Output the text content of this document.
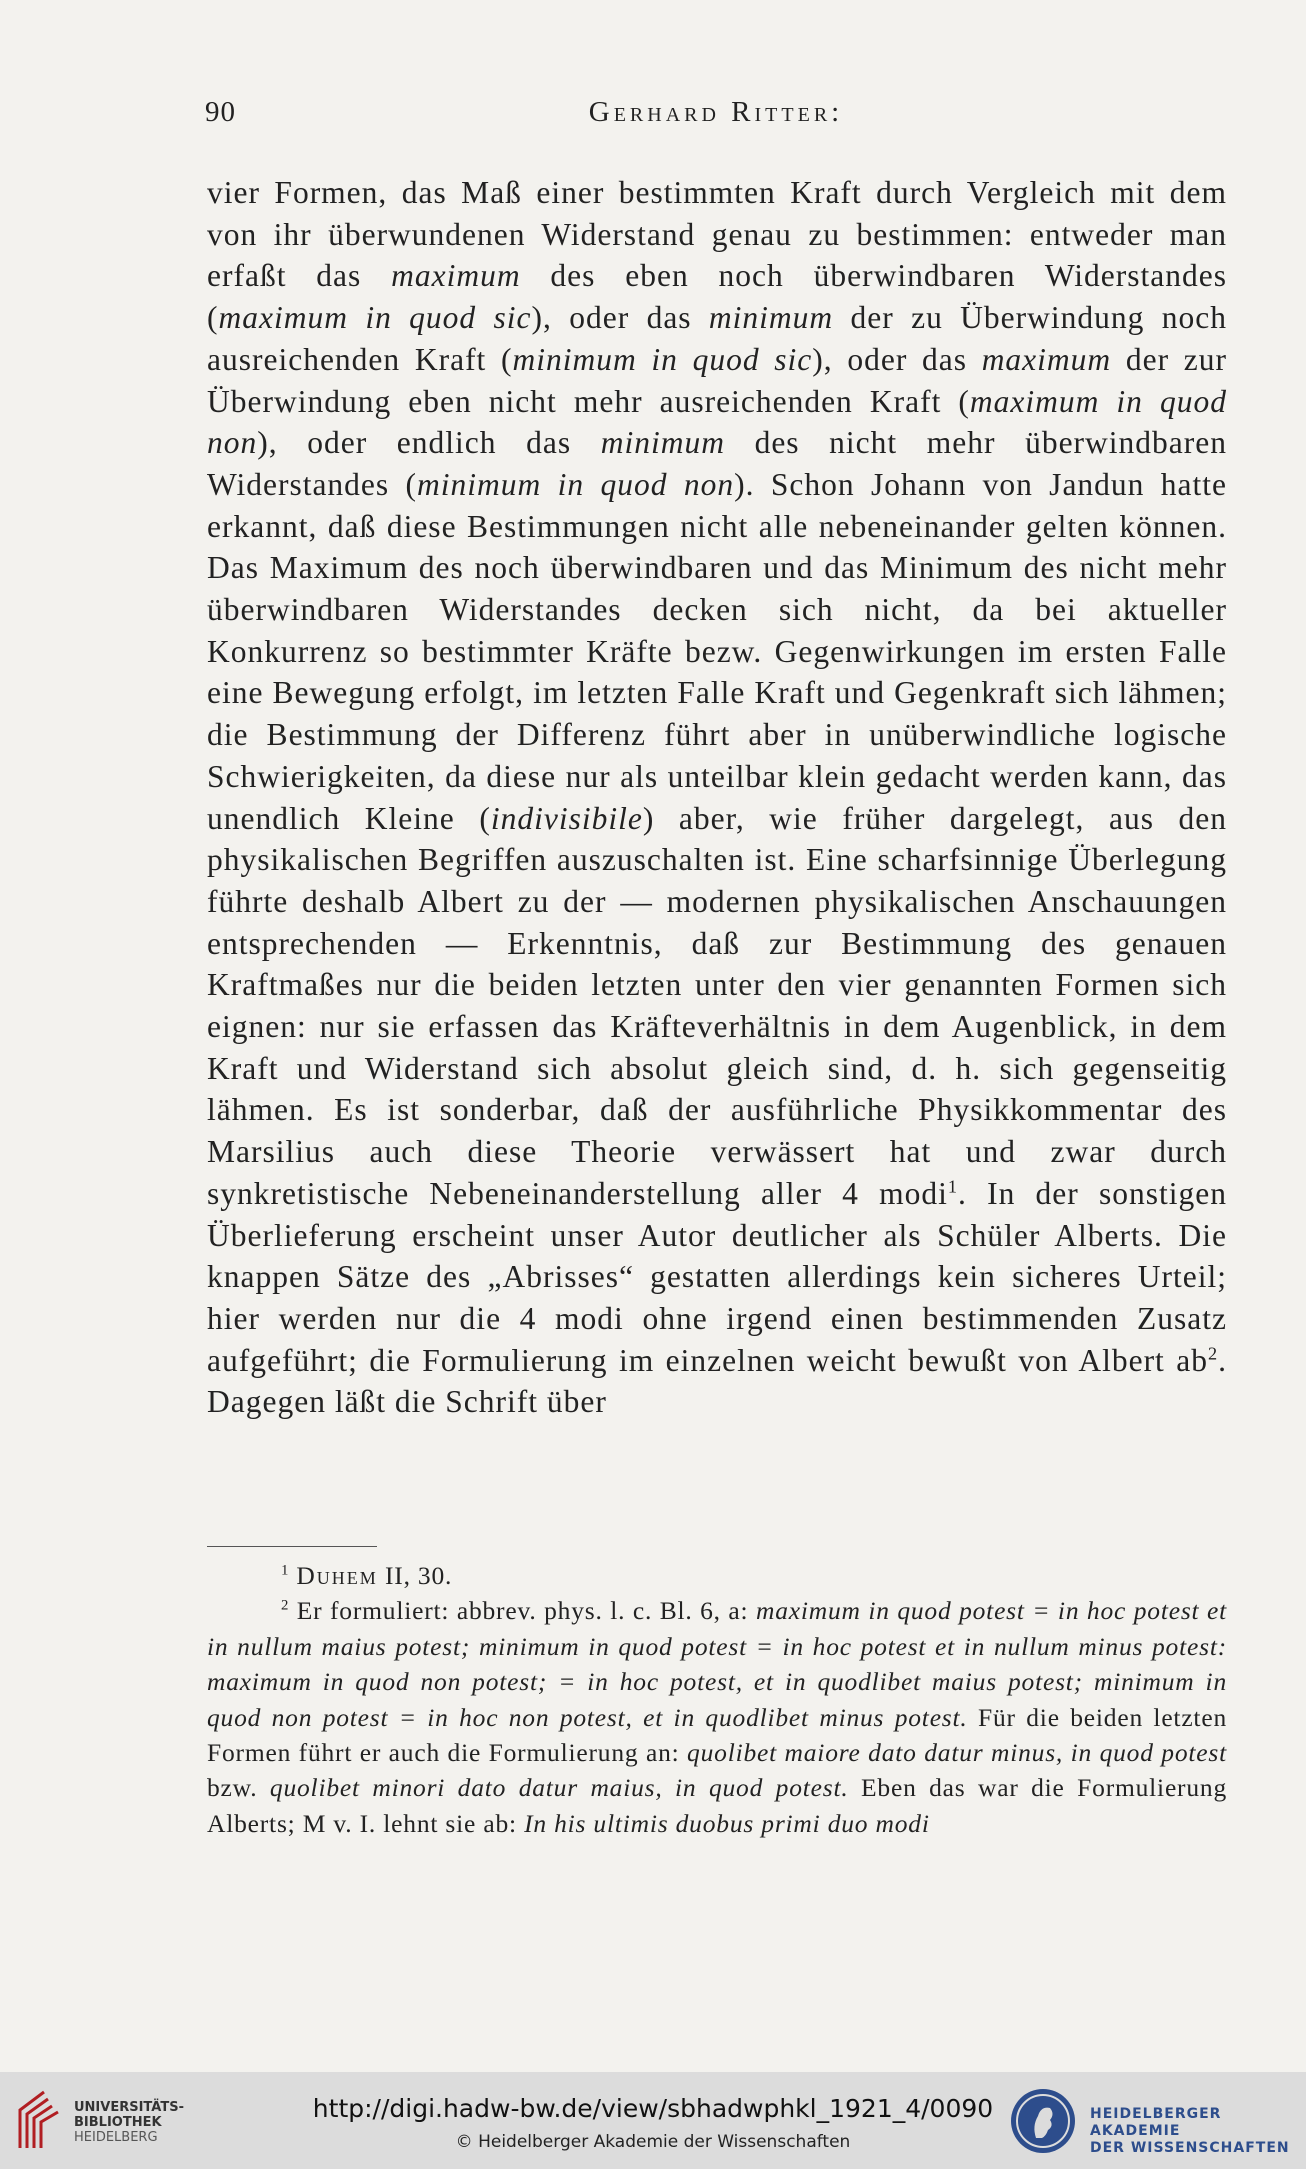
90	Gerhard Ritter:

vier Formen, das Maß einer bestimmten Kraft durch Vergleich mit dem von ihr überwundenen Widerstand genau zu bestimmen: entweder man erfaßt das maximum des eben noch überwindbaren Widerstandes (maximum in quod sic), oder das minimum der zu Überwindung noch ausreichenden Kraft (minimum in quod sic), oder das maximum der zur Überwindung eben nicht mehr ausreichenden Kraft (maximum in quod non), oder endlich das minimum des nicht mehr überwindbaren Widerstandes (minimum in quod non). Schon Johann von Jandun hatte erkannt, daß diese Bestimmungen nicht alle nebeneinander gelten können. Das Maximum des noch überwindbaren und das Minimum des nicht mehr überwindbaren Widerstandes decken sich nicht, da bei aktueller Konkurrenz so bestimmter Kräfte bezw. Gegenwirkungen im ersten Falle eine Bewegung erfolgt, im letzten Falle Kraft und Gegenkraft sich lähmen; die Bestimmung der Differenz führt aber in unüberwindliche logische Schwierigkeiten, da diese nur als unteilbar klein gedacht werden kann, das unendlich Kleine (indivisibile) aber, wie früher dargelegt, aus den physikalischen Begriffen auszuschalten ist. Eine scharfsinnige Überlegung führte deshalb Albert zu der — modernen physikalischen Anschauungen entsprechenden — Erkenntnis, daß zur Bestimmung des genauen Kraftmaßes nur die beiden letzten unter den vier genannten Formen sich eignen: nur sie erfassen das Kräfteverhältnis in dem Augenblick, in dem Kraft und Widerstand sich absolut gleich sind, d. h. sich gegenseitig lähmen. Es ist sonderbar, daß der ausführliche Physikkommentar des Marsilius auch diese Theorie verwässert hat und zwar durch synkretistische Nebeneinanderstellung aller 4 modi$^1$. In der sonstigen Überlieferung erscheint unser Autor deutlicher als Schüler Alberts. Die knappen Sätze des „Abrisses“ gestatten allerdings kein sicheres Urteil; hier werden nur die 4 modi ohne irgend einen bestimmenden Zusatz aufgeführt; die Formulierung im einzelnen weicht bewußt von Albert $ab^2$. Dagegen läßt die Schrift über

$^1$ Duhem II, 30.

$^2$ Er formuliert: abbrev. phys. l. c. Bl. 6, a: maximum in quod potest = in hoc potest et in nullum maius potest; minimum in quod potest = in hoc potest et in nullum minus potest: maximum in quod non potest; = in hoc potest, et in quodlibet maius potest; minimum in quod non potest = in hoc non potest, et in quodlibet minus potest. Für die beiden letzten Formen führt er auch die Formulierung an: quolibet maiore dato datur minus, in quod potest bzw. quolibet minori dato datur maius, in quod potest. Eben das war die Formulierung Alberts; M v. I. lehnt sie ab: In his ultimis duobus primi duo modi

UNIVERSITÄTS-
BIBLIOTHEK
HEIDELBERG
http://digi.hadw-bw.de/view/sbhadwphkl_1921_4/0090
© Heidelberger Akademie der Wissenschaften
HEIDELBERGER AKADEMIE
DER WISSENSCHAFTEN
